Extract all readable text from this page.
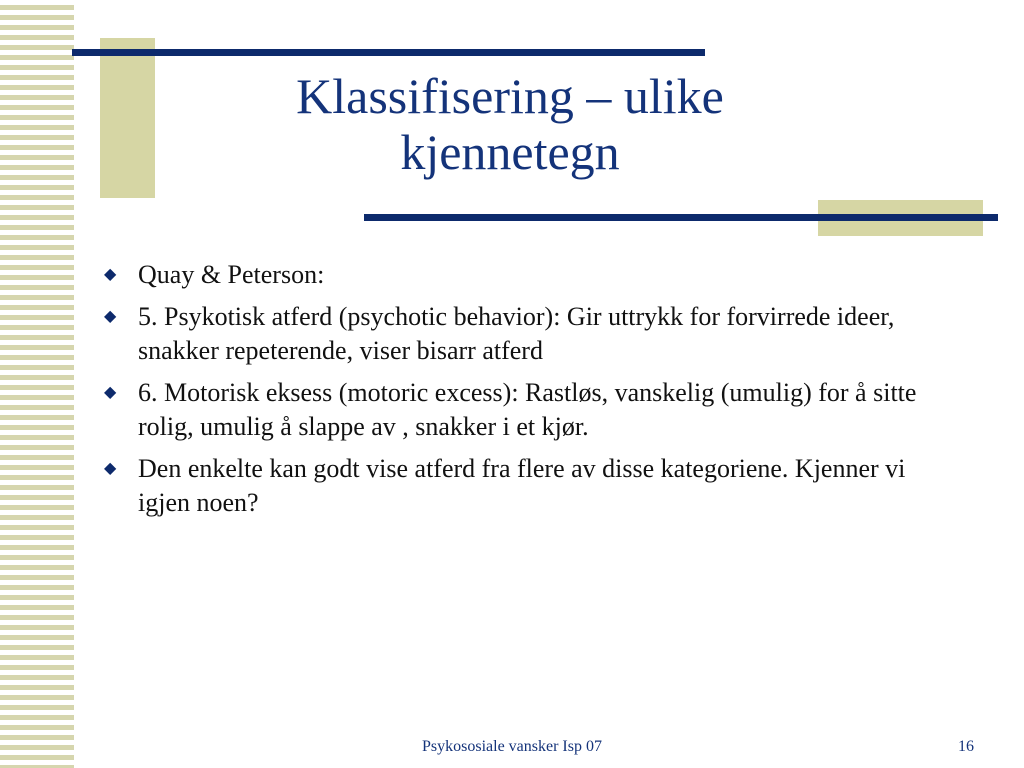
Klassifisering – ulike
kjennetegn
◆ Quay & Peterson:
◆ 5. Psykotisk atferd (psychotic behavior): Gir uttrykk for forvirrede ideer, snakker repeterende, viser bisarr atferd
◆ 6. Motorisk eksess (motoric excess): Rastløs, vanskelig (umulig) for å sitte rolig, umulig å slappe av , snakker i et kjør.
◆ Den enkelte kan godt vise atferd fra flere av disse kategoriene. Kjenner vi igjen noen?
Psykososiale vansker Isp 07	16
